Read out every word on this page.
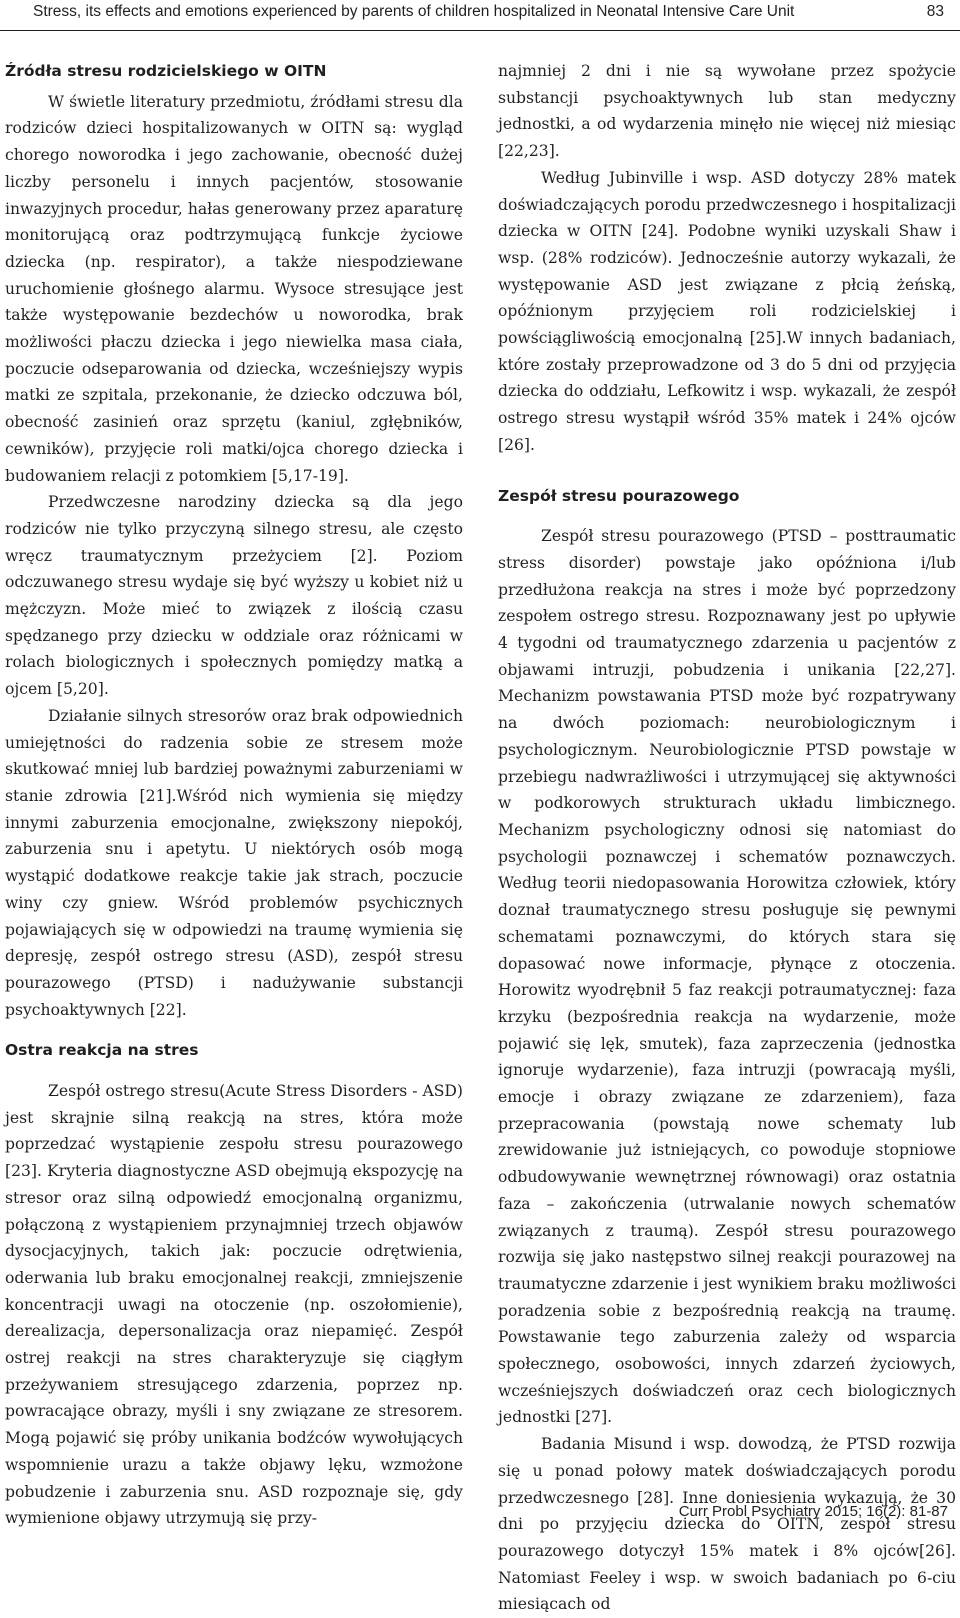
Stress, its effects and emotions experienced by parents of children hospitalized in Neonatal Intensive Care Unit	83
Źródła stresu rodzicielskiego w OITN

W świetle literatury przedmiotu, źródłami stresu dla rodziców dzieci hospitalizowanych w OITN są: wygląd chorego noworodka i jego zachowanie, obecność dużej liczby personelu i innych pacjentów, stosowanie inwazyjnych procedur, hałas generowany przez aparaturę monitorującą oraz podtrzymującą funkcje życiowe dziecka (np. respirator), a także niespodziewane uruchomienie głośnego alarmu. Wysoce stresujące jest także występowanie bezdechów u noworodka, brak możliwości płaczu dziecka i jego niewielka masa ciała, poczucie odseparowania od dziecka, wcześniejszy wypis matki ze szpitala, przekonanie, że dziecko odczuwa ból, obecność zasinień oraz sprzętu (kaniul, zgłębników, cewników), przyjęcie roli matki/ojca chorego dziecka i budowaniem relacji z potomkiem [5,17-19].

Przedwczesne narodziny dziecka są dla jego rodziców nie tylko przyczyną silnego stresu, ale często wręcz traumatycznym przeżyciem [2]. Poziom odczuwanego stresu wydaje się być wyższy u kobiet niż u mężczyzn. Może mieć to związek z ilością czasu spędzanego przy dziecku w oddziale oraz różnicami w rolach biologicznych i społecznych pomiędzy matką a ojcem [5,20].

Działanie silnych stresorów oraz brak odpowiednich umiejętności do radzenia sobie ze stresem może skutkować mniej lub bardziej poważnymi zaburzeniami w stanie zdrowia [21].Wśród nich wymienia się między innymi zaburzenia emocjonalne, zwiększony niepokój, zaburzenia snu i apetytu. U niektórych osób mogą wystąpić dodatkowe reakcje takie jak strach, poczucie winy czy gniew. Wśród problemów psychicznych pojawiających się w odpowiedzi na traumę wymienia się depresję, zespół ostrego stresu (ASD), zespół stresu pourazowego (PTSD) i nadużywanie substancji psychoaktywnych [22].

Ostra reakcja na stres

Zespół ostrego stresu(Acute Stress Disorders - ASD) jest skrajnie silną reakcją na stres, która może poprzedzać wystąpienie zespołu stresu pourazowego [23]. Kryteria diagnostyczne ASD obejmują ekspozycję na stresor oraz silną odpowiedź emocjonalną organizmu, połączoną z wystąpieniem przynajmniej trzech objawów dysocjacyjnych, takich jak: poczucie odrętwienia, oderwania lub braku emocjonalnej reakcji, zmniejszenie koncentracji uwagi na otoczenie (np. oszołomienie), derealizacja, depersonalizacja oraz niepamięć. Zespół ostrej reakcji na stres charakteryzuje się ciągłym przeżywaniem stresującego zdarzenia, poprzez np. powracające obrazy, myśli i sny związane ze stresorem. Mogą pojawić się próby unikania bodźców wywołujących wspomnienie urazu a także objawy lęku, wzmożone pobudzenie i zaburzenia snu. ASD rozpoznaje się, gdy wymienione objawy utrzymują się przy-

najmniej 2 dni i nie są wywołane przez spożycie substancji psychoaktywnych lub stan medyczny jednostki, a od wydarzenia minęło nie więcej niż miesiąc [22,23].

Według Jubinville i wsp. ASD dotyczy 28% matek doświadczających porodu przedwczesnego i hospitalizacji dziecka w OITN [24]. Podobne wyniki uzyskali Shaw i wsp. (28% rodziców). Jednocześnie autorzy wykazali, że występowanie ASD jest związane z płcią żeńską, opóźnionym przyjęciem roli rodzicielskiej i powściągliwością emocjonalną [25].W innych badaniach, które zostały przeprowadzone od 3 do 5 dni od przyjęcia dziecka do oddziału, Lefkowitz i wsp. wykazali, że zespół ostrego stresu wystąpił wśród 35% matek i 24% ojców [26].

Zespół stresu pourazowego

Zespół stresu pourazowego (PTSD – posttraumatic stress disorder) powstaje jako opóźniona i/lub przedłużona reakcja na stres i może być poprzedzony zespołem ostrego stresu. Rozpoznawany jest po upływie 4 tygodni od traumatycznego zdarzenia u pacjentów z objawami intruzji, pobudzenia i unikania [22,27]. Mechanizm powstawania PTSD może być rozpatrywany na dwóch poziomach: neurobiologicznym i psychologicznym. Neurobiologicznie PTSD powstaje w przebiegu nadwrażliwości i utrzymującej się aktywności w podkorowych strukturach układu limbicznego. Mechanizm psychologiczny odnosi się natomiast do psychologii poznawczej i schematów poznawczych. Według teorii niedopasowania Horowitza człowiek, który doznał traumatycznego stresu posługuje się pewnymi schematami poznawczymi, do których stara się dopasować nowe informacje, płynące z otoczenia. Horowitz wyodrębnił 5 faz reakcji potraumatycznej: faza krzyku (bezpośrednia reakcja na wydarzenie, może pojawić się lęk, smutek), faza zaprzeczenia (jednostka ignoruje wydarzenie), faza intruzji (powracają myśli, emocje i obrazy związane ze zdarzeniem), faza przepracowania (powstają nowe schematy lub zrewidowanie już istniejących, co powoduje stopniowe odbudowywanie wewnętrznej równowagi) oraz ostatnia faza – zakończenia (utrwalanie nowych schematów związanych z traumą). Zespół stresu pourazowego rozwija się jako następstwo silnej reakcji pourazowej na traumatyczne zdarzenie i jest wynikiem braku możliwości poradzenia sobie z bezpośrednią reakcją na traumę. Powstawanie tego zaburzenia zależy od wsparcia społecznego, osobowości, innych zdarzeń życiowych, wcześniejszych doświadczeń oraz cech biologicznych jednostki [27].

Badania Misund i wsp. dowodzą, że PTSD rozwija się u ponad połowy matek doświadczających porodu przedwczesnego [28]. Inne doniesienia wykazują, że 30 dni po przyjęciu dziecka do OITN, zespół stresu pourazowego dotyczył 15% matek i 8% ojców[26]. Natomiast Feeley i wsp. w swoich badaniach po 6-ciu miesiącach od

Curr Probl Psychiatry 2015; 16(2): 81-87
